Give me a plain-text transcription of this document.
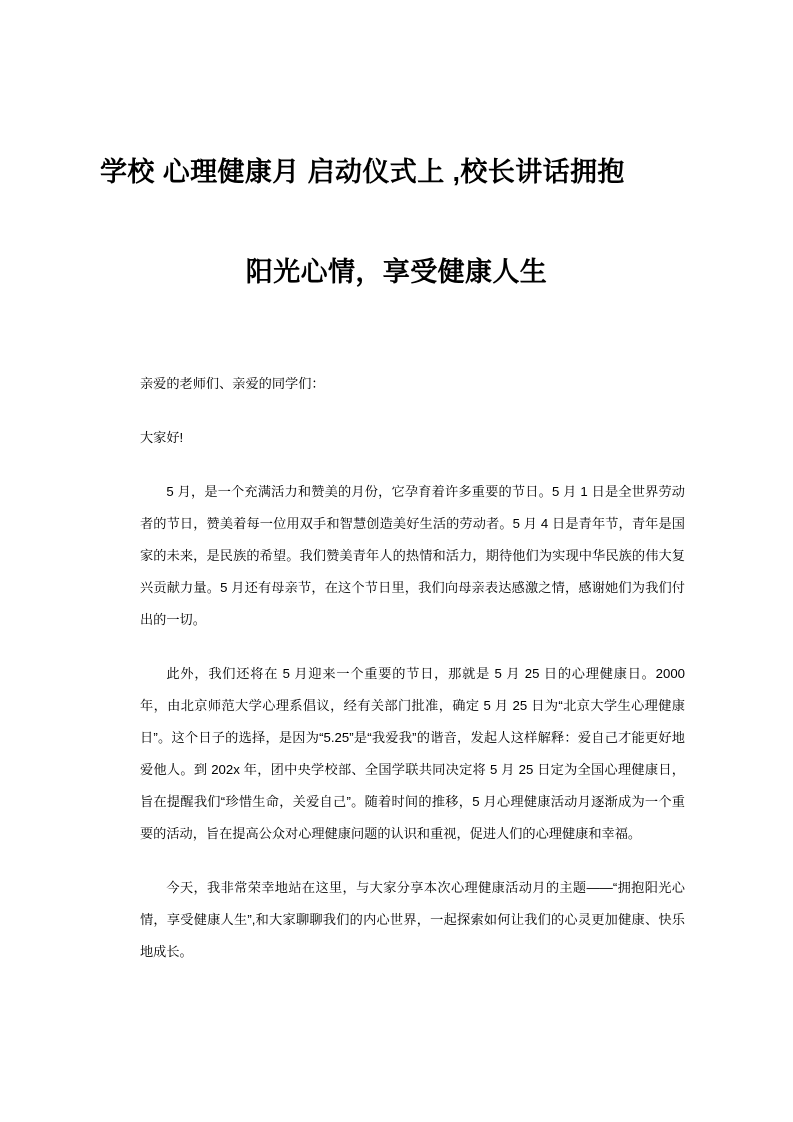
学校 心理健康月 启动仪式上 ,校长讲话拥抱
阳光心情，享受健康人生

亲爱的老师们、亲爱的同学们：

大家好!

5 月，是一个充满活力和赞美的月份，它孕育着许多重要的节日。5 月 1 日是全世界劳动者的节日，赞美着每一位用双手和智慧创造美好生活的劳动者。5 月 4 日是青年节，青年是国家的未来，是民族的希望。我们赞美青年人的热情和活力，期待他们为实现中华民族的伟大复兴贡献力量。5 月还有母亲节，在这个节日里，我们向母亲表达感激之情，感谢她们为我们付出的一切。

此外，我们还将在 5 月迎来一个重要的节日，那就是 5 月 25 日的心理健康日。2000 年，由北京师范大学心理系倡议，经有关部门批准，确定 5 月 25 日为“北京大学生心理健康日”。这个日子的选择，是因为“5.25”是“我爱我”的谐音，发起人这样解释：爱自己才能更好地爱他人。到 202x 年，团中央学校部、全国学联共同决定将 5 月 25 日定为全国心理健康日，旨在提醒我们“珍惜生命，关爱自己”。随着时间的推移，5 月心理健康活动月逐渐成为一个重要的活动，旨在提高公众对心理健康问题的认识和重视，促进人们的心理健康和幸福。

今天，我非常荣幸地站在这里，与大家分享本次心理健康活动月的主题——“拥抱阳光心情，享受健康人生”,和大家聊聊我们的内心世界，一起探索如何让我们的心灵更加健康、快乐地成长。
